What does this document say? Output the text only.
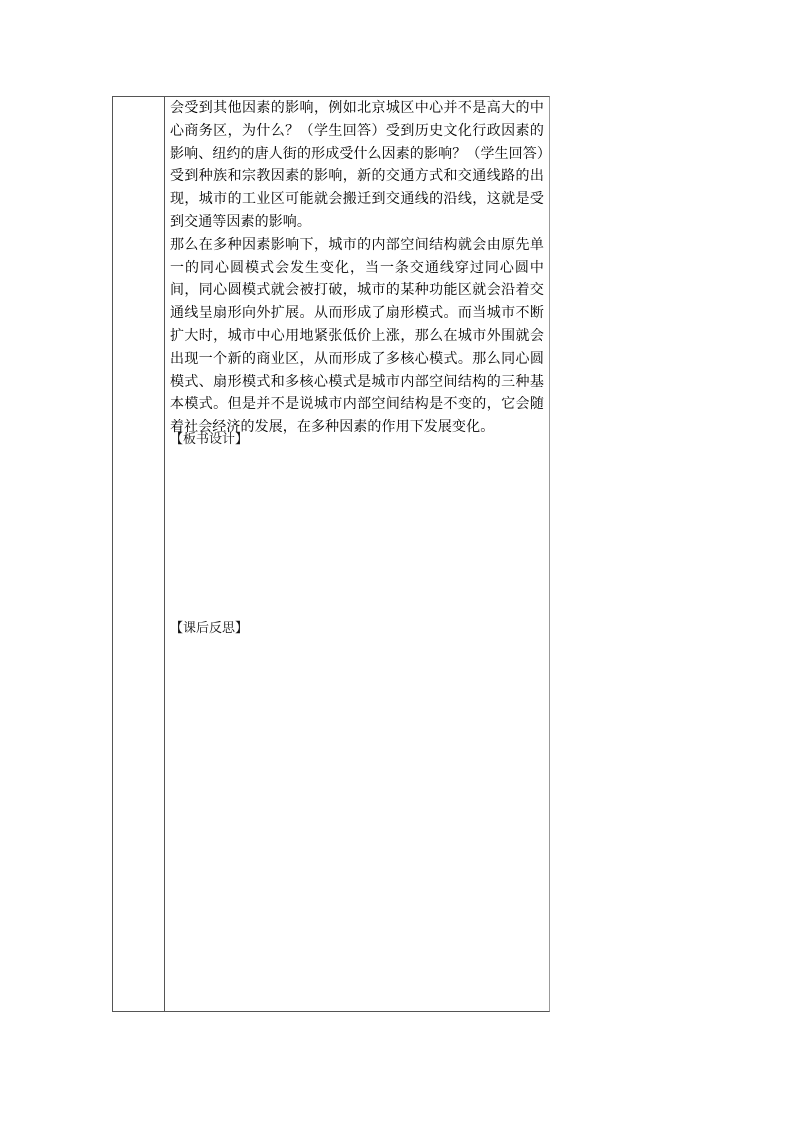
会受到其他因素的影响，例如北京城区中心并不是高大的中心商务区，为什么？（学生回答）受到历史文化行政因素的影响、纽约的唐人街的形成受什么因素的影响？（学生回答）受到种族和宗教因素的影响，新的交通方式和交通线路的出现，城市的工业区可能就会搬迁到交通线的沿线，这就是受到交通等因素的影响。

那么在多种因素影响下，城市的内部空间结构就会由原先单一的同心圆模式会发生变化，当一条交通线穿过同心圆中间，同心圆模式就会被打破，城市的某种功能区就会沿着交通线呈扇形向外扩展。从而形成了扇形模式。而当城市不断扩大时，城市中心用地紧张低价上涨，那么在城市外围就会出现一个新的商业区，从而形成了多核心模式。那么同心圆模式、扇形模式和多核心模式是城市内部空间结构的三种基本模式。但是并不是说城市内部空间结构是不变的，它会随着社会经济的发展，在多种因素的作用下发展变化。

【板书设计】
【课后反思】
